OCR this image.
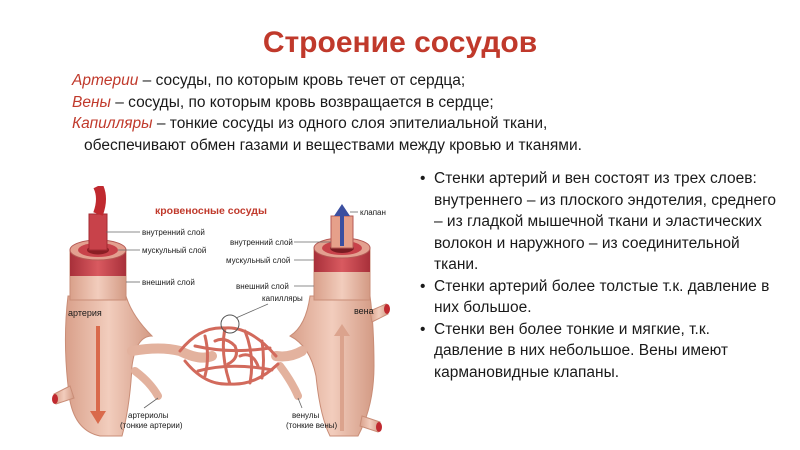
Строение сосудов
Артерии – сосуды, по которым кровь течет от сердца;
Вены – сосуды, по которым кровь возвращается в сердце;
Капилляры – тонкие сосуды из одного слоя эпителиальной ткани,
обеспечивают обмен газами и веществами между кровью и тканями.
• Стенки артерий и вен состоят из трех слоев: внутреннего – из плоского эндотелия, среднего – из гладкой мышечной ткани и эластических волокон и наружного – из соединительной ткани.
• Стенки артерий более толстые т.к. давление в них большое.
• Стенки вен более тонкие и мягкие, т.к. давление в них небольшое. Вены имеют кармановидные клапаны.
кровеносные сосуды
внутренний слой
мускульный слой
внешний слой
внутренний слой
мускульный слой
внешний слой
клапан
капилляры
артерия	вена
артериолы
(тонкие артерии)
венулы
(тонкие вены)
